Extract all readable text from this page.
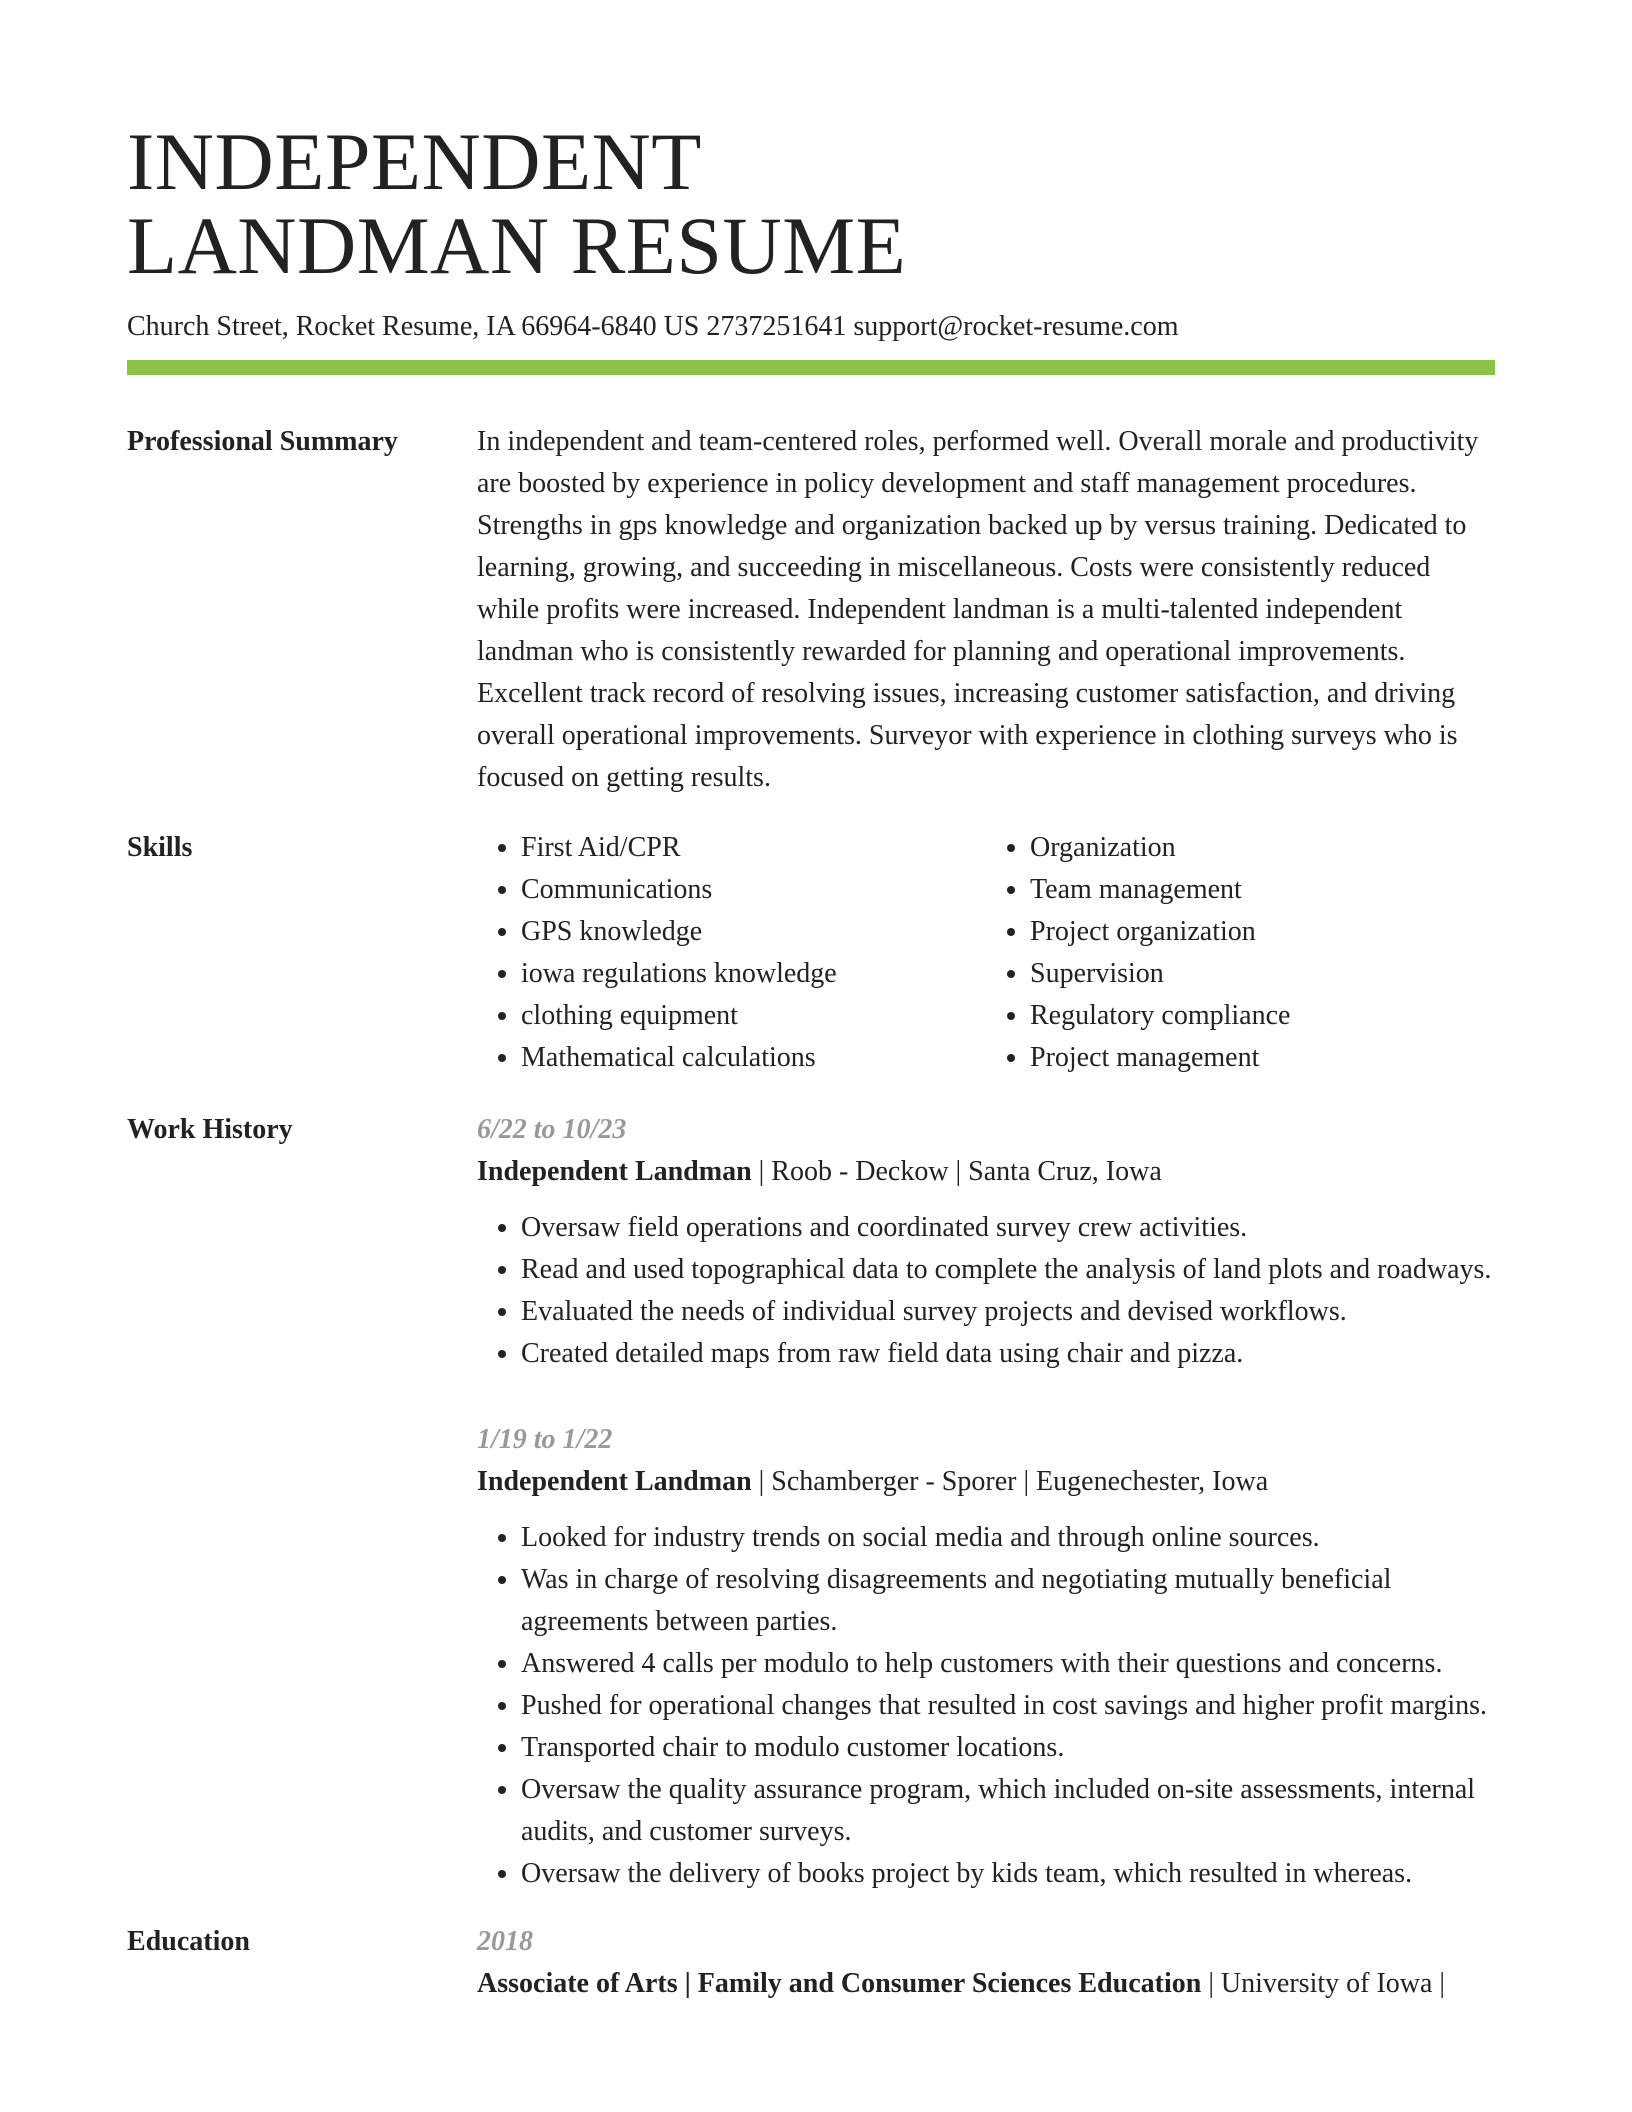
INDEPENDENT
LANDMAN RESUME
Church Street, Rocket Resume, IA 66964-6840 US 2737251641 support@rocket-resume.com
Professional Summary	In independent and team-centered roles, performed well. Overall morale and productivity are boosted by experience in policy development and staff management procedures. Strengths in gps knowledge and organization backed up by versus training. Dedicated to learning, growing, and succeeding in miscellaneous. Costs were consistently reduced while profits were increased. Independent landman is a multi-talented independent landman who is consistently rewarded for planning and operational improvements. Excellent track record of resolving issues, increasing customer satisfaction, and driving overall operational improvements. Surveyor with experience in clothing surveys who is focused on getting results.

Skills
•	First Aid/CPR
• Communications
• GPS knowledge
• iowa regulations knowledge
• clothing equipment
• Mathematical calculations
• Organization
• Team management
• Project organization
• Supervision
• Regulatory compliance
• Project management
Work History	6/22 to 10/23
Independent Landman | Roob - Deckow | Santa Cruz, Iowa
• Oversaw field operations and coordinated survey crew activities.
• Read and used topographical data to complete the analysis of land plots and roadways.
• Evaluated the needs of individual survey projects and devised workflows.
• Created detailed maps from raw field data using chair and pizza.
1/19 to 1/22
Independent Landman | Schamberger - Sporer | Eugenechester, Iowa
• Looked for industry trends on social media and through online sources.
• Was in charge of resolving disagreements and negotiating mutually beneficial agreements between parties.
• Answered 4 calls per modulo to help customers with their questions and concerns.
• Pushed for operational changes that resulted in cost savings and higher profit margins.
• Transported chair to modulo customer locations.
• Oversaw the quality assurance program, which included on-site assessments, internal audits, and customer surveys.
• Oversaw the delivery of books project by kids team, which resulted in whereas.
Education	2018
Associate of Arts | Family and Consumer Sciences Education | University of Iowa |
